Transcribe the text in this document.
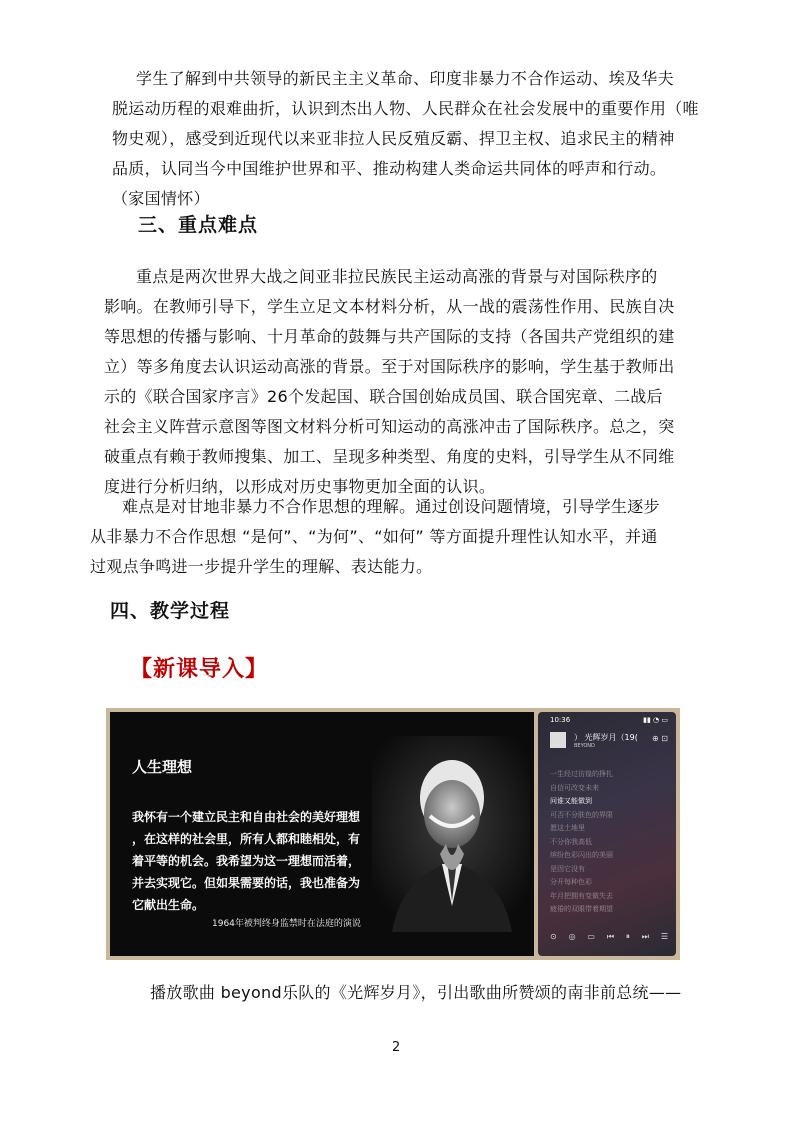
学生了解到中共领导的新民主主义革命、印度非暴力不合作运动、埃及华夫
脱运动历程的艰难曲折，认识到杰出人物、人民群众在社会发展中的重要作用（唯
物史观），感受到近现代以来亚非拉人民反殖反霸、捍卫主权、追求民主的精神
品质，认同当今中国维护世界和平、推动构建人类命运共同体的呼声和行动。
（家国情怀）
三、重点难点
重点是两次世界大战之间亚非拉民族民主运动高涨的背景与对国际秩序的
影响。在教师引导下，学生立足文本材料分析，从一战的震荡性作用、民族自决
等思想的传播与影响、十月革命的鼓舞与共产国际的支持（各国共产党组织的建
立）等多角度去认识运动高涨的背景。至于对国际秩序的影响，学生基于教师出
示的《联合国家序言》26个发起国、联合国创始成员国、联合国宪章、二战后
社会主义阵营示意图等图文材料分析可知运动的高涨冲击了国际秩序。总之，突
破重点有赖于教师搜集、加工、呈现多种类型、角度的史料，引导学生从不同维
度进行分析归纳，以形成对历史事物更加全面的认识。
难点是对甘地非暴力不合作思想的理解。通过创设问题情境，引导学生逐步
从非暴力不合作思想 “是何”、“为何”、“如何” 等方面提升理性认知水平，并通
过观点争鸣进一步提升学生的理解、表达能力。
四、教学过程
【新课导入】
人生理想
我怀有一个建立民主和自由社会的美好理想
，在这样的社会里，所有人都和睦相处，有
着平等的机会。我希望为这一理想而活着，
并去实现它。但如果需要的话，我也准备为
它献出生命。
1964年被判终身监禁时在法庭的演说
10:36	▮▮ ◔ ▭
） 光辉岁月（19(
BEYOND
⊕ ⊡
一生经过彷徨的挣扎
自信可改变未来
问谁又能做到
可否不分肤色的界限
愿这土地里
不分你我高低
缤纷色彩闪出的美丽
是因它没有
分开每种色彩
年月把拥有变做失去
疲倦的双眼带着期望
⊙ ◎ ▭ ⏮ ⏸ ⏭ ☰
播放歌曲 beyond乐队的《光辉岁月》，引出歌曲所赞颂的南非前总统——
2
